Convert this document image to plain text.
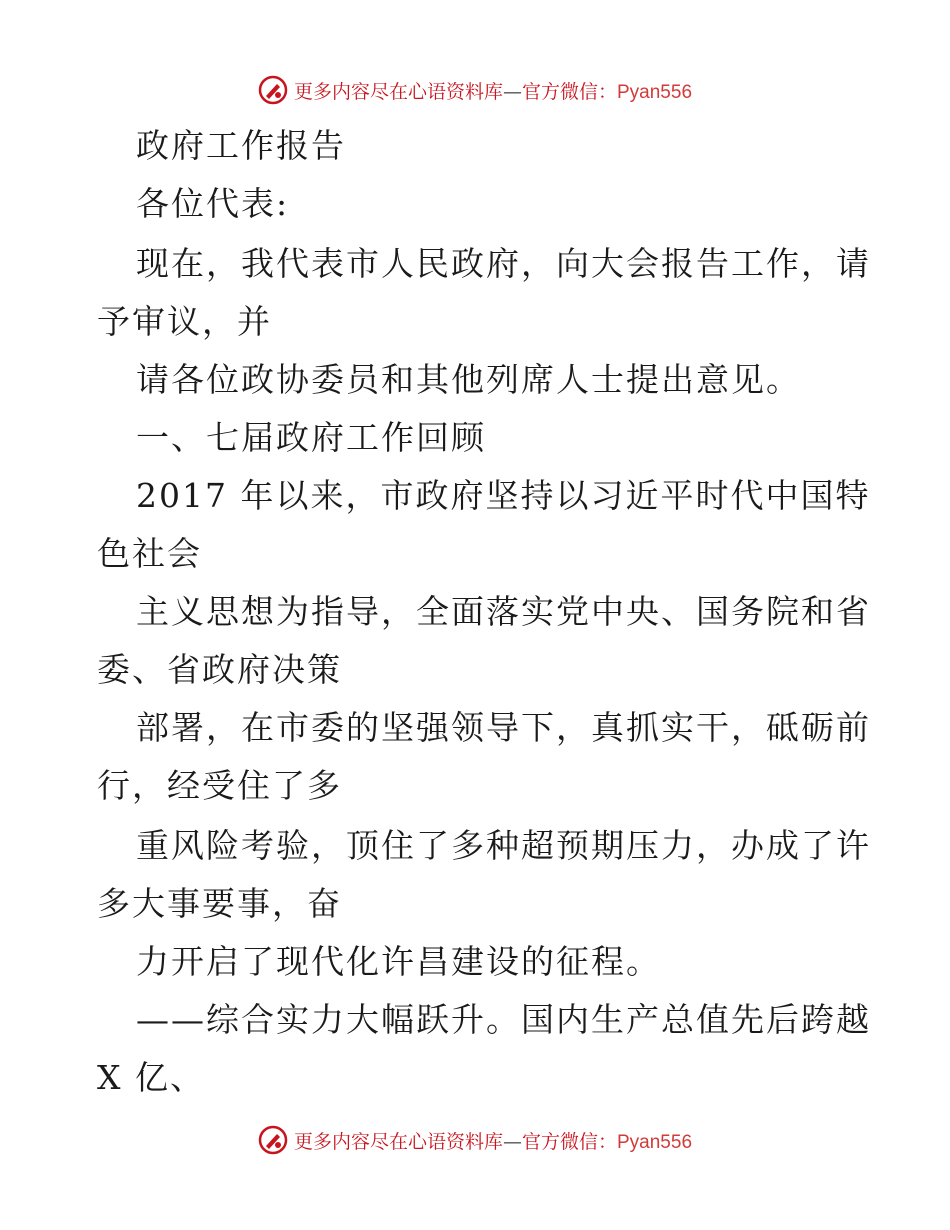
更多内容尽在心语资料库—官方微信：Pyan556
政府工作报告
各位代表:
现在，我代表市人民政府，向大会报告工作，请
予审议，并
请各位政协委员和其他列席人士提出意见。
一、七届政府工作回顾
2017 年以来，市政府坚持以习近平时代中国特
色社会
主义思想为指导，全面落实党中央、国务院和省
委、省政府决策
部署，在市委的坚强领导下，真抓实干，砥砺前
行，经受住了多
重风险考验，顶住了多种超预期压力，办成了许
多大事要事，奋
力开启了现代化许昌建设的征程。
——综合实力大幅跃升。国内生产总值先后跨越
X 亿、
更多内容尽在心语资料库—官方微信：Pyan556
